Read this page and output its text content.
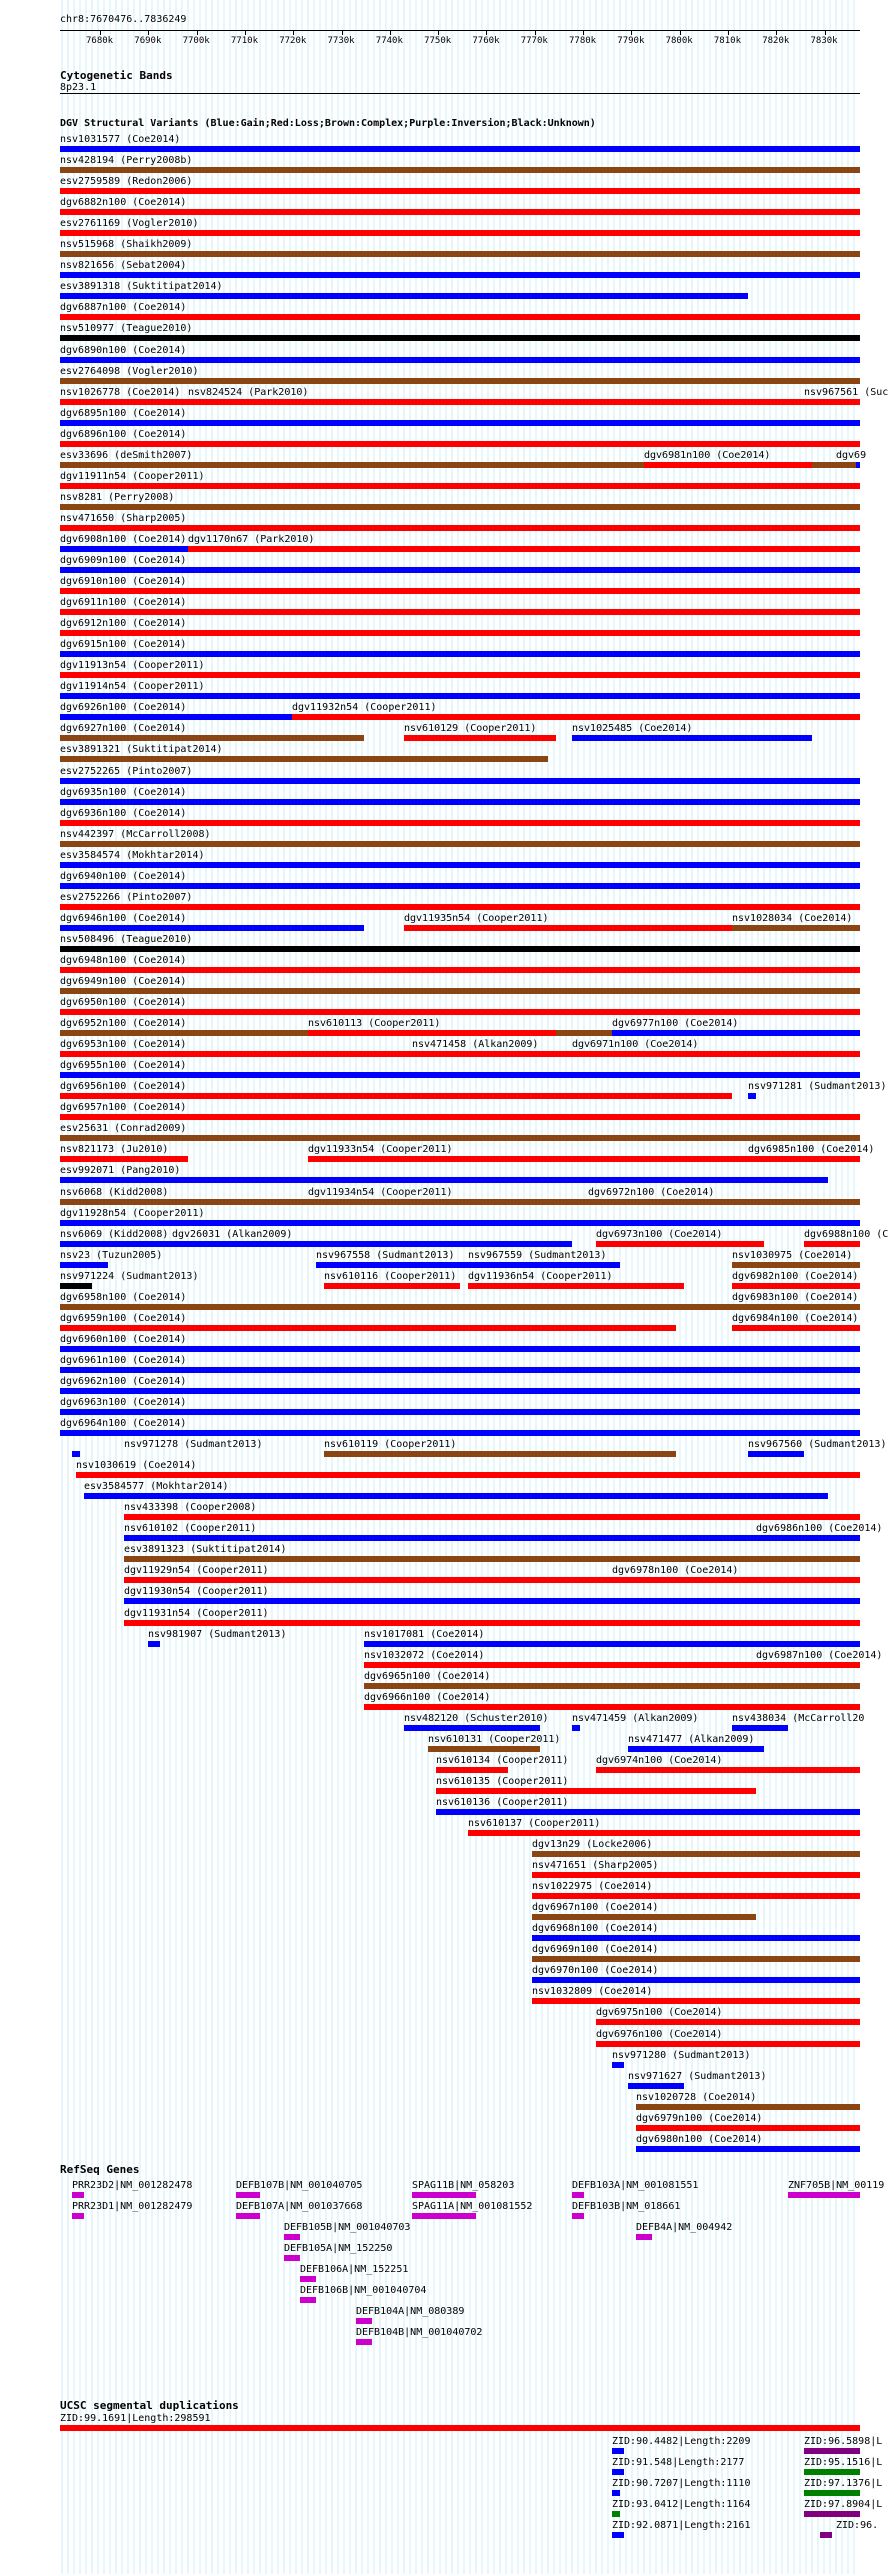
chr8:7670476..7836249
7680k 7690k 7700k 7710k 7720k 7730k 7740k 7750k 7760k 7770k 7780k 7790k 7800k 7810k 7820k 7830k
Cytogenetic Bands
8p23.1
DGV Structural Variants (Blue:Gain;Red:Loss;Brown:Complex;Purple:Inversion;Black:Unknown)
nsv1031577 (Coe2014)
nsv428194 (Perry2008b)
esv2759589 (Redon2006)
dgv6882n100 (Coe2014)
esv2761169 (Vogler2010)
nsv515968 (Shaikh2009)
nsv821656 (Sebat2004)
esv3891318 (Suktitipat2014)
dgv6887n100 (Coe2014)
nsv510977 (Teague2010)
dgv6890n100 (Coe2014)
esv2764098 (Vogler2010)
nsv1026778 (Coe2014) nsv824524 (Park2010)	nsv967561 (Suc
dgv6895n100 (Coe2014)
dgv6896n100 (Coe2014)
esv33696 (deSmith2007)	dgv6981n100 (Coe2014)	dgv69
dgv11911n54 (Cooper2011)
nsv8281 (Perry2008)
nsv471650 (Sharp2005)
dgv6908n100 (Coe2014) dgv1170n67 (Park2010)
dgv6909n100 (Coe2014)
dgv6910n100 (Coe2014)
dgv6911n100 (Coe2014)
dgv6912n100 (Coe2014)
dgv6915n100 (Coe2014)
dgv11913n54 (Cooper2011)
dgv11914n54 (Cooper2011)
dgv6926n100 (Coe2014)	dgv11932n54 (Cooper2011)
dgv6927n100 (Coe2014)	nsv610129 (Cooper2011)	nsv1025485 (Coe2014)
esv3891321 (Suktitipat2014)
esv2752265 (Pinto2007)
dgv6935n100 (Coe2014)
dgv6936n100 (Coe2014)
nsv442397 (McCarroll2008)
esv3584574 (Mokhtar2014)
dgv6940n100 (Coe2014)
esv2752266 (Pinto2007)
dgv6946n100 (Coe2014)	dgv11935n54 (Cooper2011)	nsv1028034 (Coe2014)
nsv508496 (Teague2010)
dgv6948n100 (Coe2014)
dgv6949n100 (Coe2014)
dgv6950n100 (Coe2014)
dgv6952n100 (Coe2014)	nsv610113 (Cooper2011)	dgv6977n100 (Coe2014)
dgv6953n100 (Coe2014)	nsv471458 (Alkan2009)	dgv6971n100 (Coe2014)
dgv6955n100 (Coe2014)
dgv6956n100 (Coe2014)	nsv971281 (Sudmant2013)
dgv6957n100 (Coe2014)
esv25631 (Conrad2009)
nsv821173 (Ju2010)	dgv11933n54 (Cooper2011)	dgv6985n100 (Coe2014)
esv992071 (Pang2010)
nsv6068 (Kidd2008)	dgv11934n54 (Cooper2011)	dgv6972n100 (Coe2014)
dgv11928n54 (Cooper2011)
nsv6069 (Kidd2008) dgv26031 (Alkan2009)	dgv6973n100 (Coe2014)	dgv6988n100 (C
nsv23 (Tuzun2005)	nsv967558 (Sudmant2013) nsv967559 (Sudmant2013)	nsv1030975 (Coe2014)
nsv971224 (Sudmant2013)	nsv610116 (Cooper2011) dgv11936n54 (Cooper2011)	dgv6982n100 (Coe2014)
dgv6958n100 (Coe2014)	dgv6983n100 (Coe2014)
dgv6959n100 (Coe2014)	dgv6984n100 (Coe2014)
dgv6960n100 (Coe2014)
dgv6961n100 (Coe2014)
dgv6962n100 (Coe2014)
dgv6963n100 (Coe2014)
dgv6964n100 (Coe2014)
nsv971278 (Sudmant2013)	nsv610119 (Cooper2011)	nsv967560 (Sudmant2013)
nsv1030619 (Coe2014)
esv3584577 (Mokhtar2014)
nsv433398 (Cooper2008)
nsv610102 (Cooper2011)	dgv6986n100 (Coe2014)
esv3891323 (Suktitipat2014)
dgv11929n54 (Cooper2011)	dgv6978n100 (Coe2014)
dgv11930n54 (Cooper2011)
dgv11931n54 (Cooper2011)
nsv981907 (Sudmant2013)	nsv1017081 (Coe2014)
nsv1032072 (Coe2014)	dgv6987n100 (Coe2014)
dgv6965n100 (Coe2014)
dgv6966n100 (Coe2014)
nsv482120 (Schuster2010) nsv471459 (Alkan2009)	nsv438034 (McCarroll20
nsv610131 (Cooper2011)	nsv471477 (Alkan2009)
nsv610134 (Cooper2011)	dgv6974n100 (Coe2014)
nsv610135 (Cooper2011)
nsv610136 (Cooper2011)
nsv610137 (Cooper2011)
dgv13n29 (Locke2006)
nsv471651 (Sharp2005)
nsv1022975 (Coe2014)
dgv6967n100 (Coe2014)
dgv6968n100 (Coe2014)
dgv6969n100 (Coe2014)
dgv6970n100 (Coe2014)
nsv1032809 (Coe2014)
dgv6975n100 (Coe2014)
dgv6976n100 (Coe2014)
nsv971280 (Sudmant2013)
nsv971627 (Sudmant2013)
nsv1020728 (Coe2014)
dgv6979n100 (Coe2014)
dgv6980n100 (Coe2014)
RefSeq Genes
PRR23D2|NM_001282478
PRR23D1|NM_001282479
DEFB107B|NM_001040705
DEFB107A|NM_001037668
DEFB105B|NM_001040703
DEFB105A|NM_152250
DEFB106A|NM_152251
DEFB106B|NM_001040704
DEFB104A|NM_080389
DEFB104B|NM_001040702
SPAG11B|NM_058203
SPAG11A|NM_001081552
DEFB103A|NM_001081551
DEFB103B|NM_018661
DEFB4A|NM_004942
ZNF705B|NM_00119
UCSC segmental duplications
ZID:99.1691|Length:298591
ZID:90.4482|Length:2209
ZID:91.548|Length:2177
ZID:90.7207|Length:1110
ZID:93.0412|Length:1164
ZID:92.0871|Length:2161
ZID:96.5898|L
ZID:95.1516|L
ZID:97.1376|L
ZID:97.8904|L
ZID:96.
